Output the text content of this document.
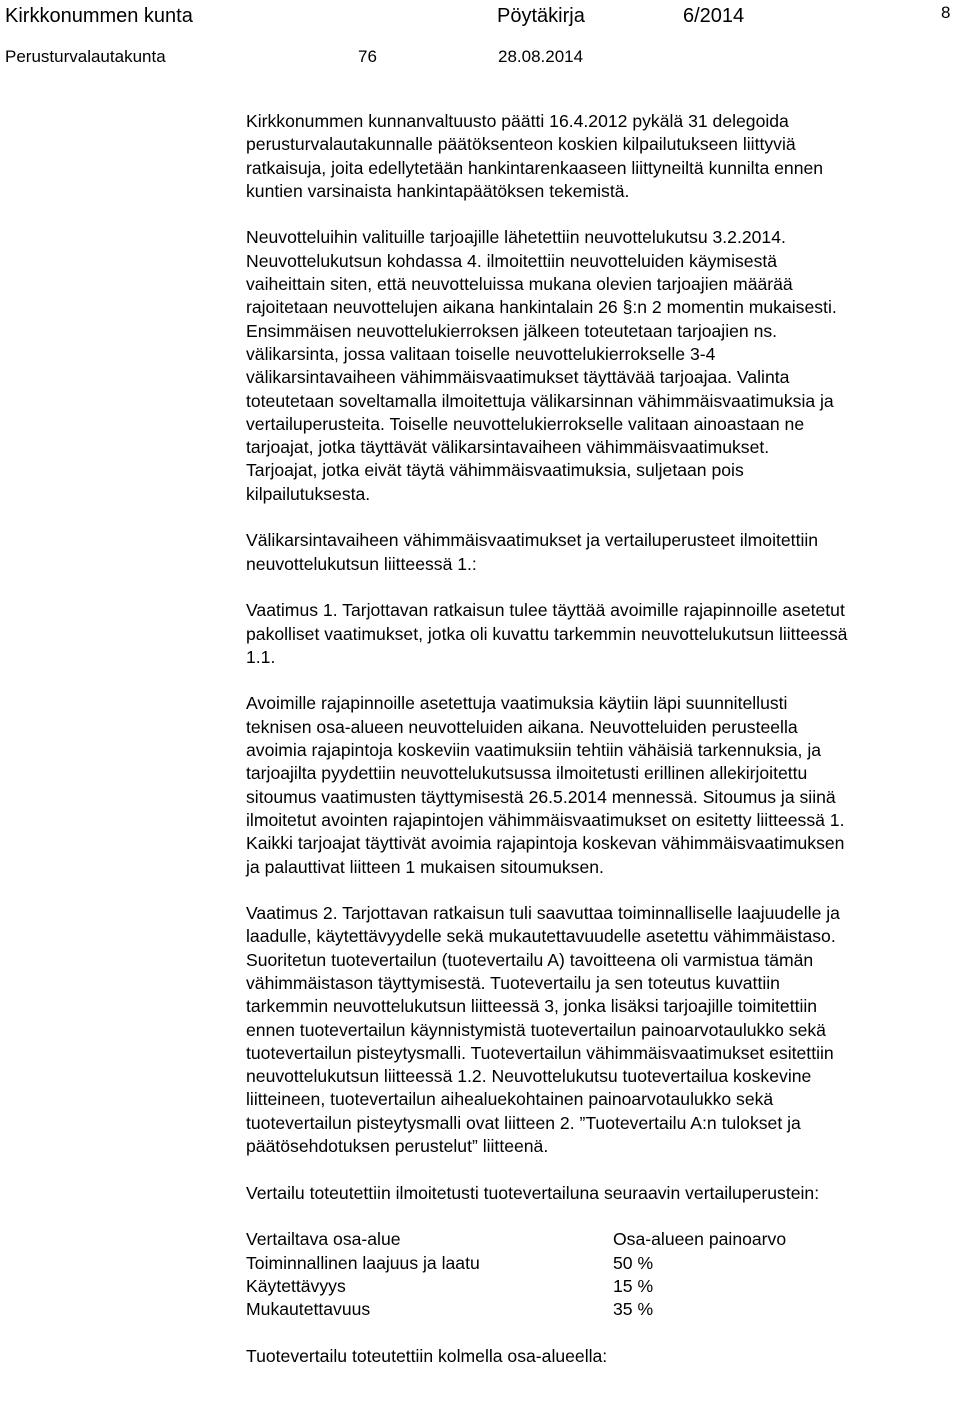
Kirkkonummen kunta	Pöytäkirja	6/2014	8
Perusturvalautakunta	76	28.08.2014

Kirkkonummen kunnanvaltuusto päätti 16.4.2012 pykälä 31 delegoida

perusturvalautakunnalle päätöksenteon koskien kilpailutukseen liittyviä

ratkaisuja, joita edellytetään hankintarenkaaseen liittyneiltä kunnilta ennen

kuntien varsinaista hankintapäätöksen tekemistä.

Neuvotteluihin valituille tarjoajille lähetettiin neuvottelukutsu 3.2.2014.

Neuvottelukutsun kohdassa 4. ilmoitettiin neuvotteluiden käymisestä

vaiheittain siten, että neuvotteluissa mukana olevien tarjoajien määrää

rajoitetaan neuvottelujen aikana hankintalain 26 §:n 2 momentin mukaisesti.

Ensimmäisen neuvottelukierroksen jälkeen toteutetaan tarjoajien ns.

välikarsinta, jossa valitaan toiselle neuvottelukierrokselle 3-4

välikarsintavaiheen vähimmäisvaatimukset täyttävää tarjoajaa. Valinta

toteutetaan soveltamalla ilmoitettuja välikarsinnan vähimmäisvaatimuksia ja

vertailuperusteita. Toiselle neuvottelukierrokselle valitaan ainoastaan ne

tarjoajat, jotka täyttävät välikarsintavaiheen vähimmäisvaatimukset.

Tarjoajat, jotka eivät täytä vähimmäisvaatimuksia, suljetaan pois

kilpailutuksesta.

Välikarsintavaiheen vähimmäisvaatimukset ja vertailuperusteet ilmoitettiin

neuvottelukutsun liitteessä 1.:

Vaatimus 1. Tarjottavan ratkaisun tulee täyttää avoimille rajapinnoille asetetut

pakolliset vaatimukset, jotka oli kuvattu tarkemmin neuvottelukutsun liitteessä

1.1.

Avoimille rajapinnoille asetettuja vaatimuksia käytiin läpi suunnitellusti

teknisen osa-alueen neuvotteluiden aikana. Neuvotteluiden perusteella

avoimia rajapintoja koskeviin vaatimuksiin tehtiin vähäisiä tarkennuksia, ja

tarjoajilta pyydettiin neuvottelukutsussa ilmoitetusti erillinen allekirjoitettu

sitoumus vaatimusten täyttymisestä 26.5.2014 mennessä. Sitoumus ja siinä

ilmoitetut avointen rajapintojen vähimmäisvaatimukset on esitetty liitteessä 1.

Kaikki tarjoajat täyttivät avoimia rajapintoja koskevan vähimmäisvaatimuksen

ja palauttivat liitteen 1 mukaisen sitoumuksen.

Vaatimus 2. Tarjottavan ratkaisun tuli saavuttaa toiminnalliselle laajuudelle ja

laadulle, käytettävyydelle sekä mukautettavuudelle asetettu vähimmäistaso.

Suoritetun tuotevertailun (tuotevertailu A) tavoitteena oli varmistua tämän

vähimmäistason täyttymisestä. Tuotevertailu ja sen toteutus kuvattiin

tarkemmin neuvottelukutsun liitteessä 3, jonka lisäksi tarjoajille toimitettiin

ennen tuotevertailun käynnistymistä tuotevertailun painoarvotaulukko sekä

tuotevertailun pisteytysmalli. Tuotevertailun vähimmäisvaatimukset esitettiin

neuvottelukutsun liitteessä 1.2. Neuvottelukutsu tuotevertailua koskevine

liitteineen, tuotevertailun aihealuekohtainen painoarvotaulukko sekä

tuotevertailun pisteytysmalli ovat liitteen 2. ”Tuotevertailu A:n tulokset ja

päätösehdotuksen perustelut” liitteenä.

Vertailu toteutettiin ilmoitetusti tuotevertailuna seuraavin vertailuperustein:

Vertailtava osa-alue	Osa-alueen painoarvo
Toiminnallinen laajuus ja laatu	50 %
Käytettävyys	15 %
Mukautettavuus	35 %

Tuotevertailu toteutettiin kolmella osa-alueella:
